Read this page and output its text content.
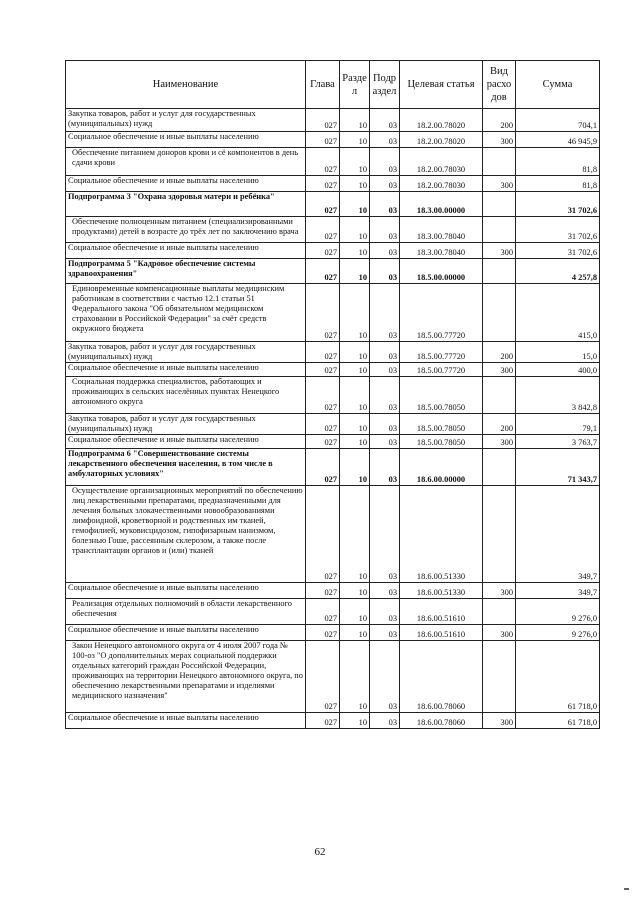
Наименование	Глава	Разде л	Подр аздел	Целевая статья	Вид расхо дов	Сумма
Закупка товаров, работ и услуг для государственных (муниципальных) нужд	027	10	03	18.2.00.78020	200	704,1
Социальное обеспечение и иные выплаты населению	027	10	03	18.2.00.78020	300	46 945,9
Обеспечение питанием доноров крови и сё компонентов в день сдачи крови	027	10	03	18.2.00.78030		81,8
Социальное обеспечение и иные выплаты населению	027	10	03	18.2.00.78030	300	81,8
Подпрограмма 3 "Охрана здоровья матери и ребёнка"	027	10	03	18.3.00.00000		31 702,6
Обеспечение полноценным питанием (специализированными продуктами) детей в возрасте до трёх лет по заключению врача	027	10	03	18.3.00.78040		31 702,6
Социальное обеспечение и иные выплаты населению	027	10	03	18.3.00.78040	300	31 702,6
Подпрограмма 5 "Кадровое обеспечение системы здравоохранения"	027	10	03	18.5.00.00000		4 257,8
Единовременные компенсационные выплаты медицинским работникам в соответствии с частью 12.1 статьи 51 Федерального закона "Об обязательном медицинском страховании в Российской Федерации" за счёт средств окружного бюджета	027	10	03	18.5.00.77720		415,0
Закупка товаров, работ и услуг для государственных (муниципальных) нужд	027	10	03	18.5.00.77720	200	15,0
Социальное обеспечение и иные выплаты населению	027	10	03	18.5.00.77720	300	400,0
Социальная поддержка специалистов, работающих и проживающих в сельских населённых пунктах Ненецкого автономного округа	027	10	03	18.5.00.78050		3 842,8
Закупка товаров, работ и услуг для государственных (муниципальных) нужд	027	10	03	18.5.00.78050	200	79,1
Социальное обеспечение и иные выплаты населению	027	10	03	18.5.00.78050	300	3 763,7
Подпрограмма 6 "Совершенствование системы лекарственного обеспечения населения, в том числе в амбулаторных условиях"	027	10	03	18.6.00.00000		71 343,7
Осуществление организационных мероприятий по обеспечению лиц лекарственными препаратами, предназначенными для лечения больных злокачественными новообразованиями лимфоидной, кроветворной и родственных им тканей, гемофилией, муковисцидозом, гипофизарным нанизмом, болезнью Гоше, рассеянным склерозом, а также после трансплантации органов и (или) тканей	027	10	03	18.6.00.51330		349,7
Социальное обеспечение и иные выплаты населению	027	10	03	18.6.00.51330	300	349,7
Реализация отдельных полномочий в области лекарственного обеспечения	027	10	03	18.6.00.51610		9 276,0
Социальное обеспечение и иные выплаты населению	027	10	03	18.6.00.51610	300	9 276,0
Закон Ненецкого автономного округа от 4 июля 2007 года № 100-оз "О дополнительных мерах социальной поддержки отдельных категорий граждан Российской Федерации, проживающих на территории Ненецкого автономного округа, по обеспечению лекарственными препаратами и изделиями медицинского назначения"	027	10	03	18.6.00.78060		61 718,0
Социальное обеспечение и иные выплаты населению	027	10	03	18.6.00.78060	300	61 718,0
62
